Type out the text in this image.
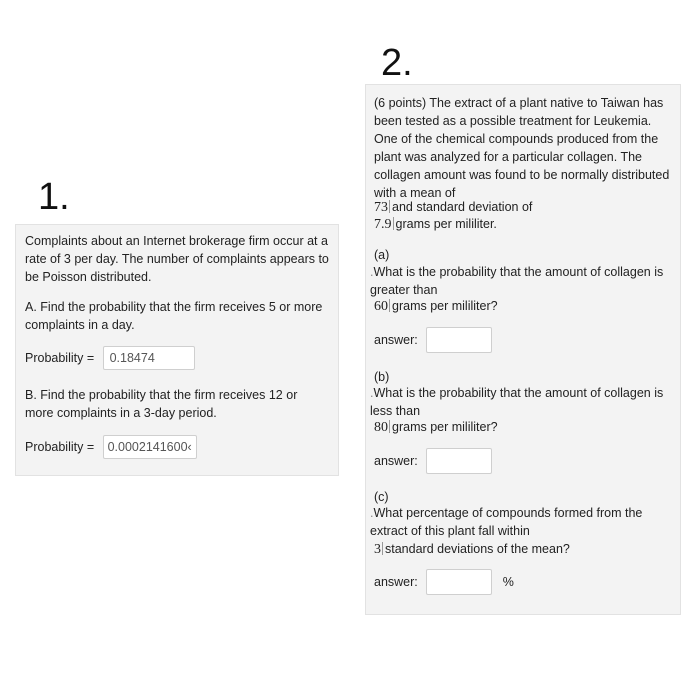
1.

Complaints about an Internet brokerage firm occur at a rate of 3 per day. The number of complaints appears to be Poisson distributed.

A. Find the probability that the firm receives 5 or more complaints in a day.

Probability = 0.18474

B. Find the probability that the firm receives 12 or more complaints in a 3-day period.

Probability = 0.0002141600‹
2.

(6 points) The extract of a plant native to Taiwan has been tested as a possible treatment for Leukemia. One of the chemical compounds produced from the plant was analyzed for a particular collagen. The collagen amount was found to be normally distributed with a mean of

73 and standard deviation of
7.9 grams per mililiter.

(a)

.What is the probability that the amount of collagen is greater than
60 grams per mililiter?
answer:

(b)

.What is the probability that the amount of collagen is less than
80 grams per mililiter?
answer:

(c)

.What percentage of compounds formed from the extract of this plant fall within
3 standard deviations of the mean?
answer:	%
